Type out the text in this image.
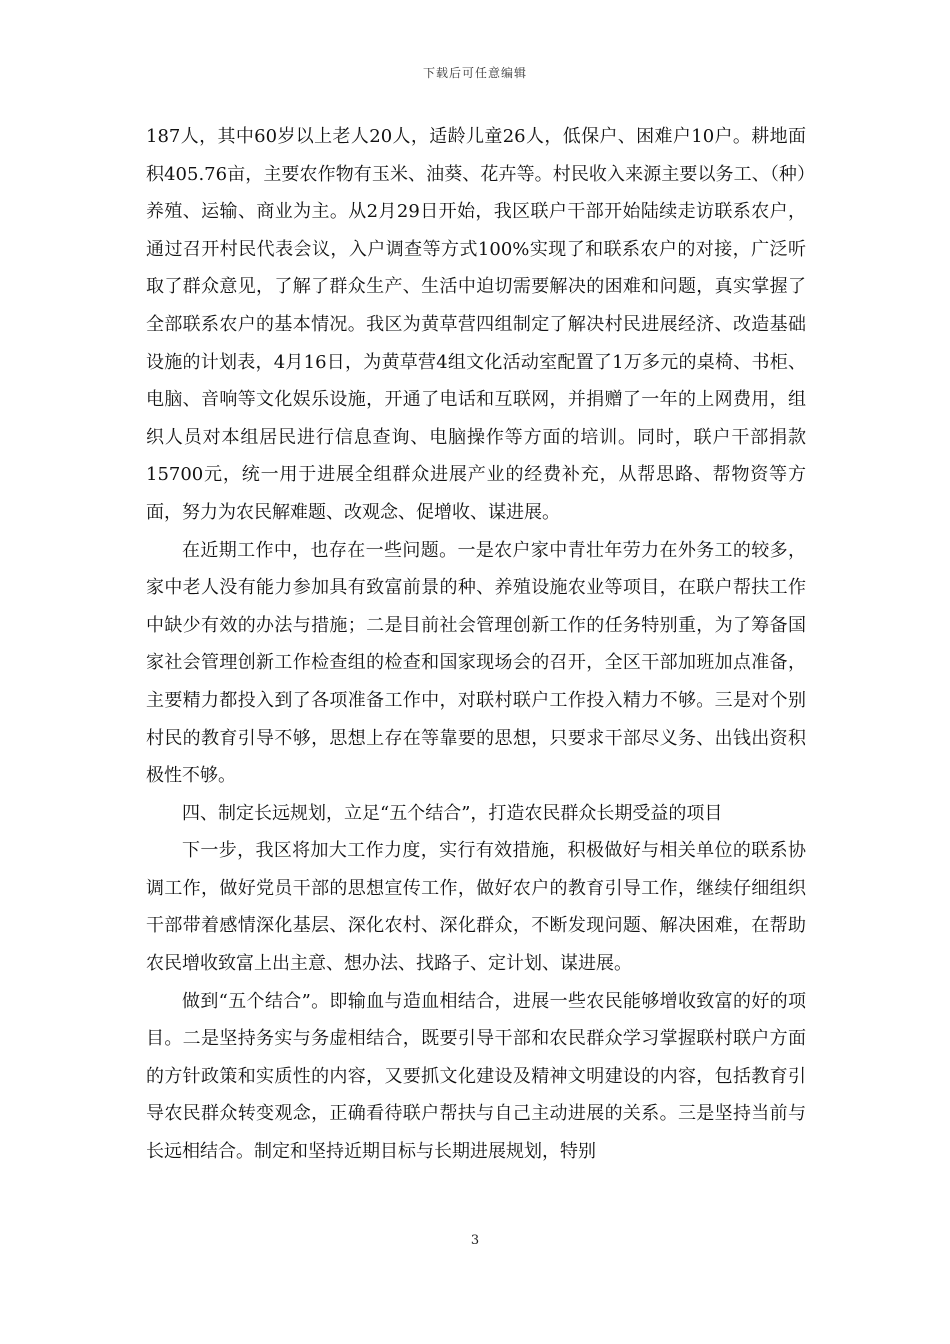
下载后可任意编辑

187人，其中60岁以上老人20人，适龄儿童26人，低保户、困难户10户。耕地面积405.76亩，主要农作物有玉米、油葵、花卉等。村民收入来源主要以务工、（种）养殖、运输、商业为主。从2月29日开始，我区联户干部开始陆续走访联系农户，通过召开村民代表会议，入户调查等方式100%实现了和联系农户的对接，广泛听取了群众意见，了解了群众生产、生活中迫切需要解决的困难和问题，真实掌握了全部联系农户的基本情况。我区为黄草营四组制定了解决村民进展经济、改造基础设施的计划表，4月16日，为黄草营4组文化活动室配置了1万多元的桌椅、书柜、电脑、音响等文化娱乐设施，开通了电话和互联网，并捐赠了一年的上网费用，组织人员对本组居民进行信息查询、电脑操作等方面的培训。同时，联户干部捐款15700元，统一用于进展全组群众进展产业的经费补充，从帮思路、帮物资等方面，努力为农民解难题、改观念、促增收、谋进展。

在近期工作中，也存在一些问题。一是农户家中青壮年劳力在外务工的较多，家中老人没有能力参加具有致富前景的种、养殖设施农业等项目，在联户帮扶工作中缺少有效的办法与措施；二是目前社会管理创新工作的任务特别重，为了筹备国家社会管理创新工作检查组的检查和国家现场会的召开，全区干部加班加点准备，主要精力都投入到了各项准备工作中，对联村联户工作投入精力不够。三是对个别村民的教育引导不够，思想上存在等靠要的思想，只要求干部尽义务、出钱出资积极性不够。

四、制定长远规划，立足“五个结合”，打造农民群众长期受益的项目

下一步，我区将加大工作力度，实行有效措施，积极做好与相关单位的联系协调工作，做好党员干部的思想宣传工作，做好农户的教育引导工作，继续仔细组织干部带着感情深化基层、深化农村、深化群众，不断发现问题、解决困难，在帮助农民增收致富上出主意、想办法、找路子、定计划、谋进展。

做到“五个结合”。即输血与造血相结合，进展一些农民能够增收致富的好的项目。二是坚持务实与务虚相结合，既要引导干部和农民群众学习掌握联村联户方面的方针政策和实质性的内容，又要抓文化建设及精神文明建设的内容，包括教育引导农民群众转变观念，正确看待联户帮扶与自己主动进展的关系。三是坚持当前与长远相结合。制定和坚持近期目标与长期进展规划，特别

3
